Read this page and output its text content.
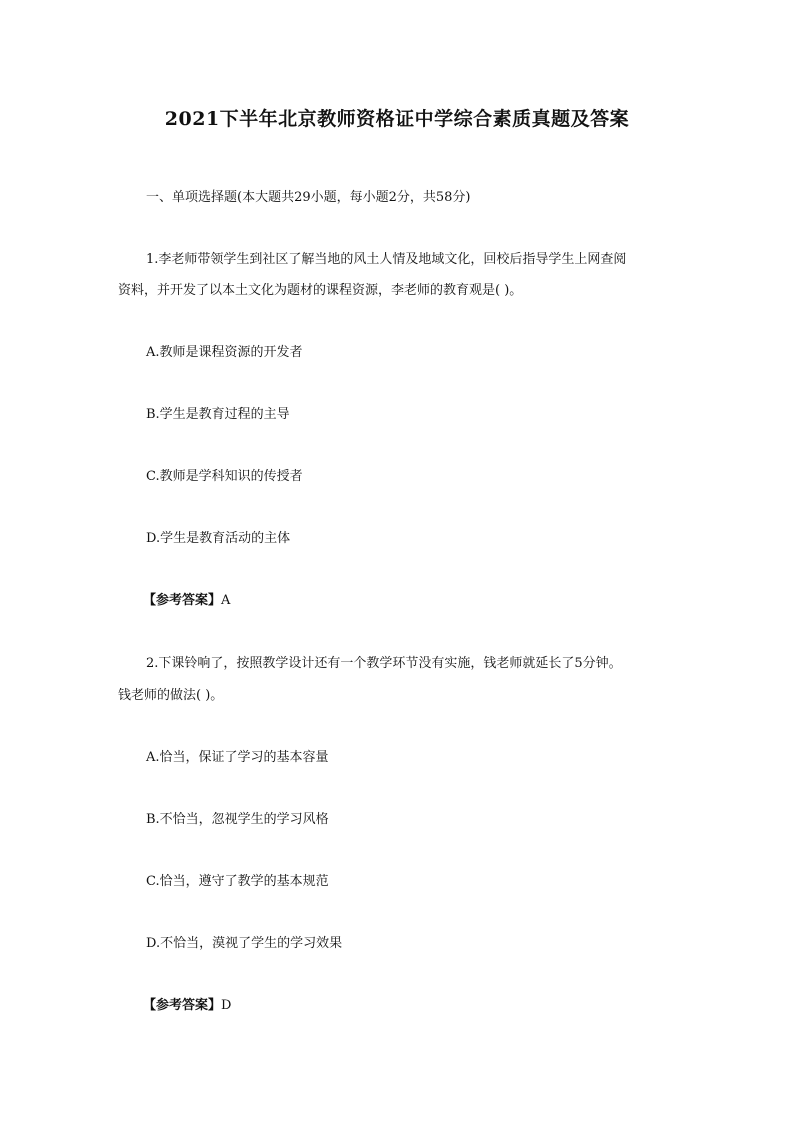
2021下半年北京教师资格证中学综合素质真题及答案

一、单项选择题(本大题共29小题，每小题2分，共58分)

1.李老师带领学生到社区了解当地的风土人情及地域文化，回校后指导学生上网查阅

资料，并开发了以本土文化为题材的课程资源，李老师的教育观是( )。

A.教师是课程资源的开发者

B.学生是教育过程的主导

C.教师是学科知识的传授者

D.学生是教育活动的主体

【参考答案】A

2.下课铃响了，按照教学设计还有一个教学环节没有实施，钱老师就延长了5分钟。

钱老师的做法( )。

A.恰当，保证了学习的基本容量

B.不恰当，忽视学生的学习风格

C.恰当，遵守了教学的基本规范

D.不恰当，漠视了学生的学习效果

【参考答案】D
